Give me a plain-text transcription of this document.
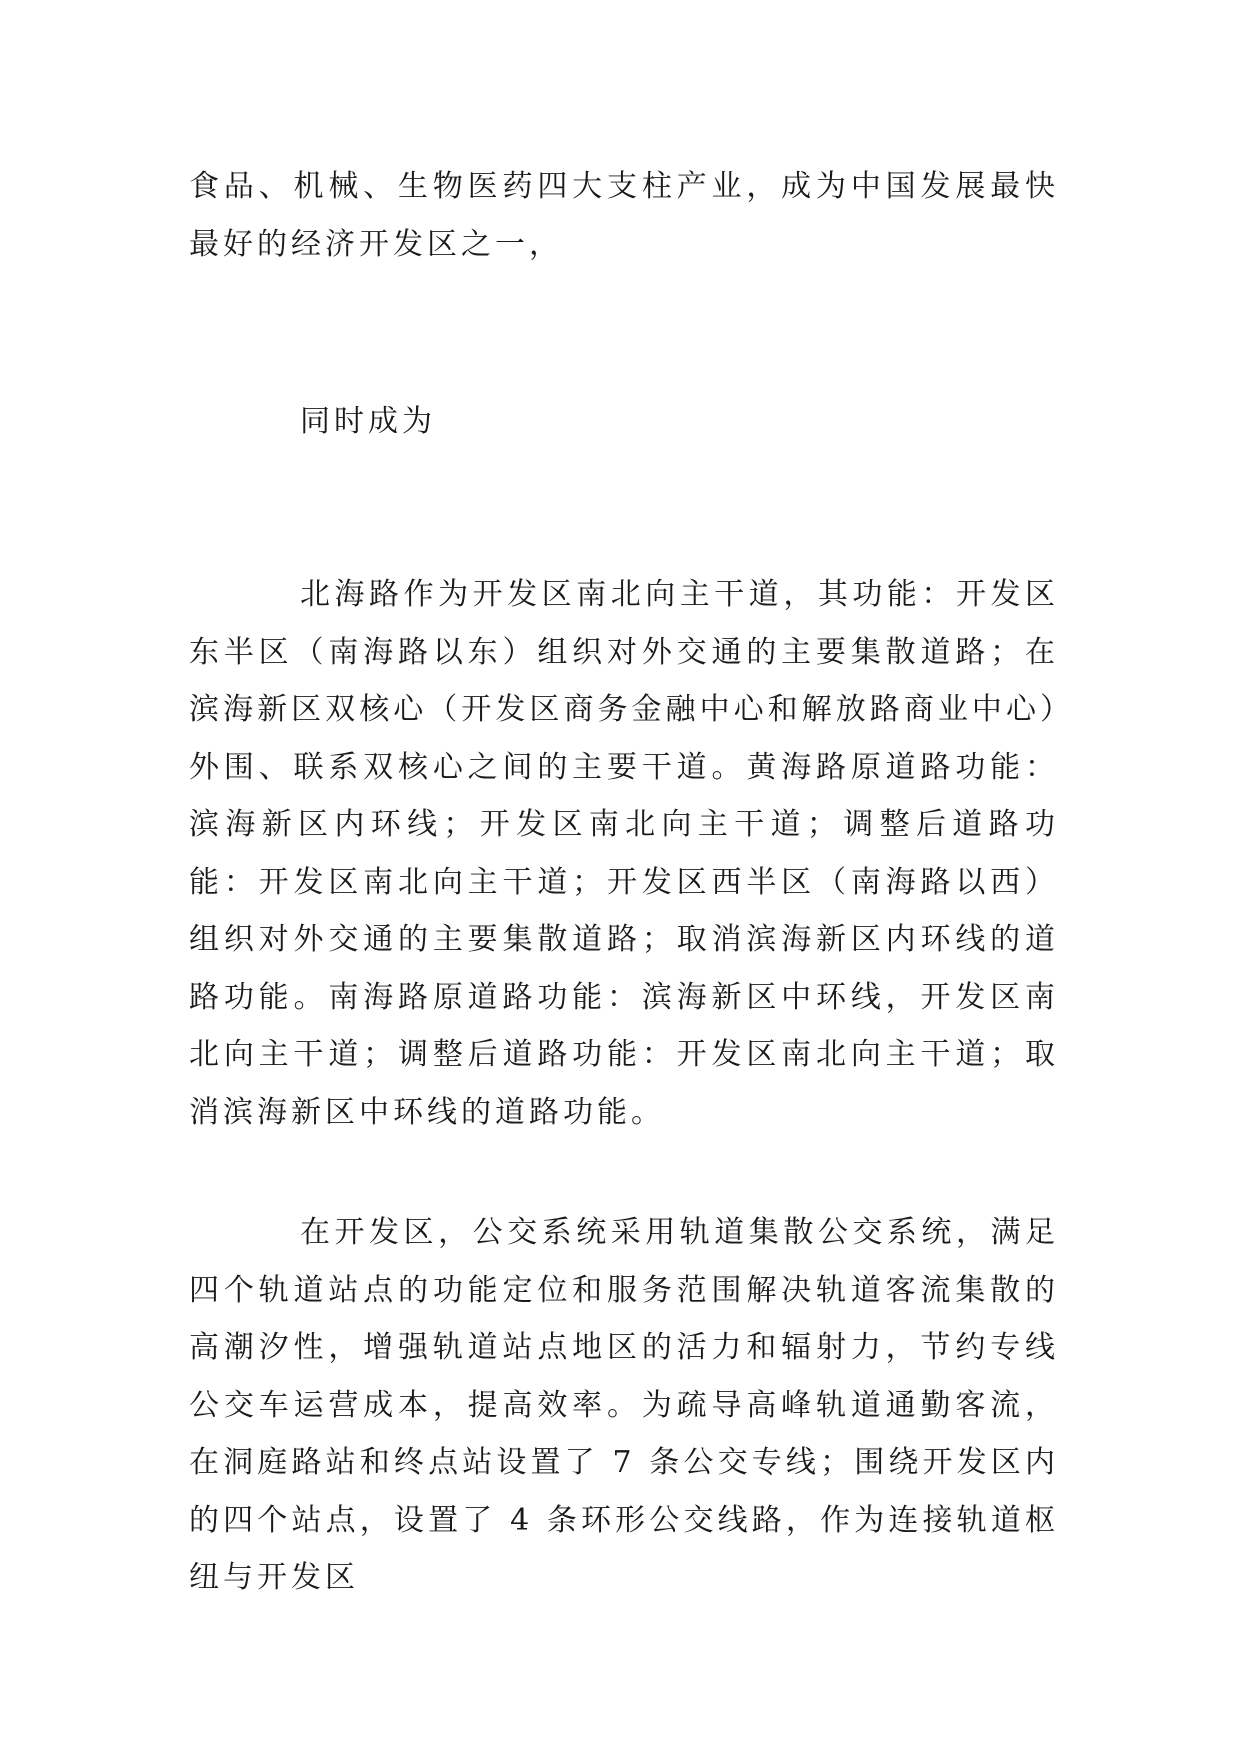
食品、机械、生物医药四大支柱产业，成为中国发展最快最好的经济开发区之一，

同时成为

北海路作为开发区南北向主干道，其功能：开发区东半区（南海路以东）组织对外交通的主要集散道路；在滨海新区双核心（开发区商务金融中心和解放路商业中心）外围、联系双核心之间的主要干道。黄海路原道路功能：滨海新区内环线；开发区南北向主干道；调整后道路功能：开发区南北向主干道；开发区西半区（南海路以西）组织对外交通的主要集散道路；取消滨海新区内环线的道路功能。南海路原道路功能：滨海新区中环线，开发区南北向主干道；调整后道路功能：开发区南北向主干道；取消滨海新区中环线的道路功能。

在开发区，公交系统采用轨道集散公交系统，满足四个轨道站点的功能定位和服务范围解决轨道客流集散的高潮汐性，增强轨道站点地区的活力和辐射力，节约专线公交车运营成本，提高效率。为疏导高峰轨道通勤客流，在洞庭路站和终点站设置了 7 条公交专线；围绕开发区内的四个站点，设置了 4 条环形公交线路，作为连接轨道枢纽与开发区
